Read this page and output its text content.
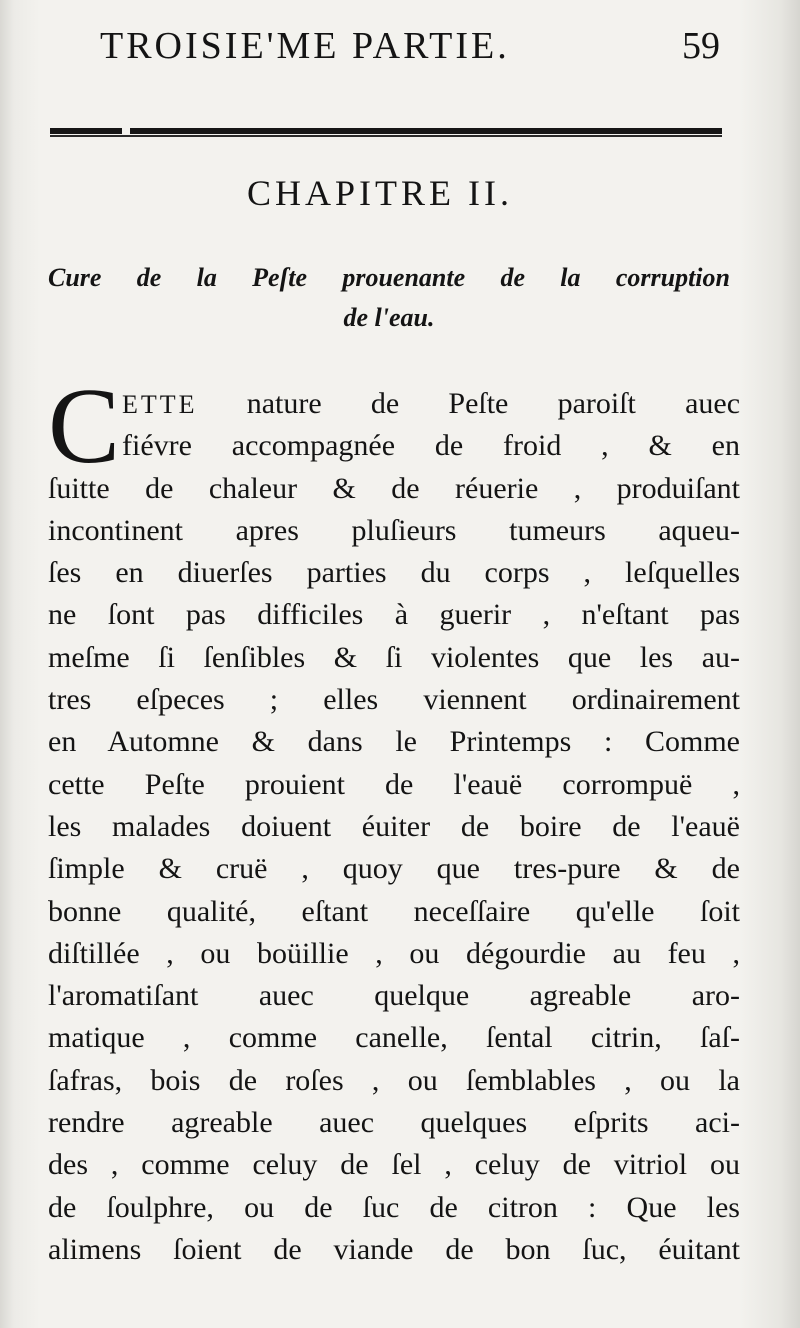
TROISIE'ME PARTIE.	59
CHAPITRE II.
Cure de la Peſte prouenante de la corruption
de l'eau.
C ETTE nature de Peſte paroiſt auec
fiévre accompagnée de froid , & en
ſuitte de chaleur & de réuerie , produiſant
incontinent apres pluſieurs tumeurs aqueu-
ſes en diuerſes parties du corps , leſquelles
ne ſont pas difficiles à guerir , n'eſtant pas
meſme ſi ſenſibles & ſi violentes que les au-
tres eſpeces ; elles viennent ordinairement
en Automne & dans le Printemps : Comme
cette Peſte prouient de l'eauë corrompuë ,
les malades doiuent éuiter de boire de l'eauë
ſimple & cruë , quoy que tres-pure & de
bonne qualité, eſtant neceſſaire qu'elle ſoit
diſtillée , ou boüillie , ou dégourdie au feu ,
l'aromatiſant auec quelque agreable aro-
matique , comme canelle, ſental citrin, ſaſ-
ſafras, bois de roſes , ou ſemblables , ou la
rendre agreable auec quelques eſprits aci-
des , comme celuy de ſel , celuy de vitriol ou
de ſoulphre, ou de ſuc de citron : Que les
alimens ſoient de viande de bon ſuc, éuitant
